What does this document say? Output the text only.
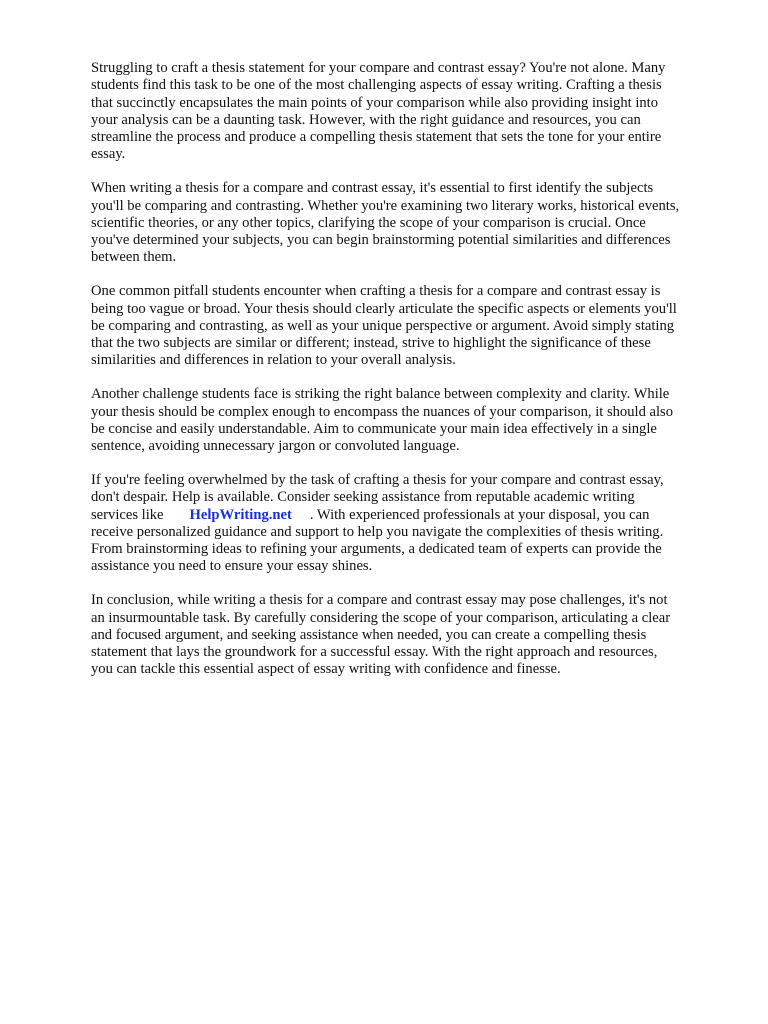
Struggling to craft a thesis statement for your compare and contrast essay? You're not alone. Many
students find this task to be one of the most challenging aspects of essay writing. Crafting a thesis
that succinctly encapsulates the main points of your comparison while also providing insight into
your analysis can be a daunting task. However, with the right guidance and resources, you can
streamline the process and produce a compelling thesis statement that sets the tone for your entire
essay.

When writing a thesis for a compare and contrast essay, it's essential to first identify the subjects
you'll be comparing and contrasting. Whether you're examining two literary works, historical events,
scientific theories, or any other topics, clarifying the scope of your comparison is crucial. Once
you've determined your subjects, you can begin brainstorming potential similarities and differences
between them.

One common pitfall students encounter when crafting a thesis for a compare and contrast essay is
being too vague or broad. Your thesis should clearly articulate the specific aspects or elements you'll
be comparing and contrasting, as well as your unique perspective or argument. Avoid simply stating
that the two subjects are similar or different; instead, strive to highlight the significance of these
similarities and differences in relation to your overall analysis.

Another challenge students face is striking the right balance between complexity and clarity. While
your thesis should be complex enough to encompass the nuances of your comparison, it should also
be concise and easily understandable. Aim to communicate your main idea effectively in a single
sentence, avoiding unnecessary jargon or convoluted language.

If you're feeling overwhelmed by the task of crafting a thesis for your compare and contrast essay,
don't despair. Help is available. Consider seeking assistance from reputable academic writing
services like HelpWriting.net . With experienced professionals at your disposal, you can
receive personalized guidance and support to help you navigate the complexities of thesis writing.
From brainstorming ideas to refining your arguments, a dedicated team of experts can provide the
assistance you need to ensure your essay shines.

In conclusion, while writing a thesis for a compare and contrast essay may pose challenges, it's not
an insurmountable task. By carefully considering the scope of your comparison, articulating a clear
and focused argument, and seeking assistance when needed, you can create a compelling thesis
statement that lays the groundwork for a successful essay. With the right approach and resources,
you can tackle this essential aspect of essay writing with confidence and finesse.
